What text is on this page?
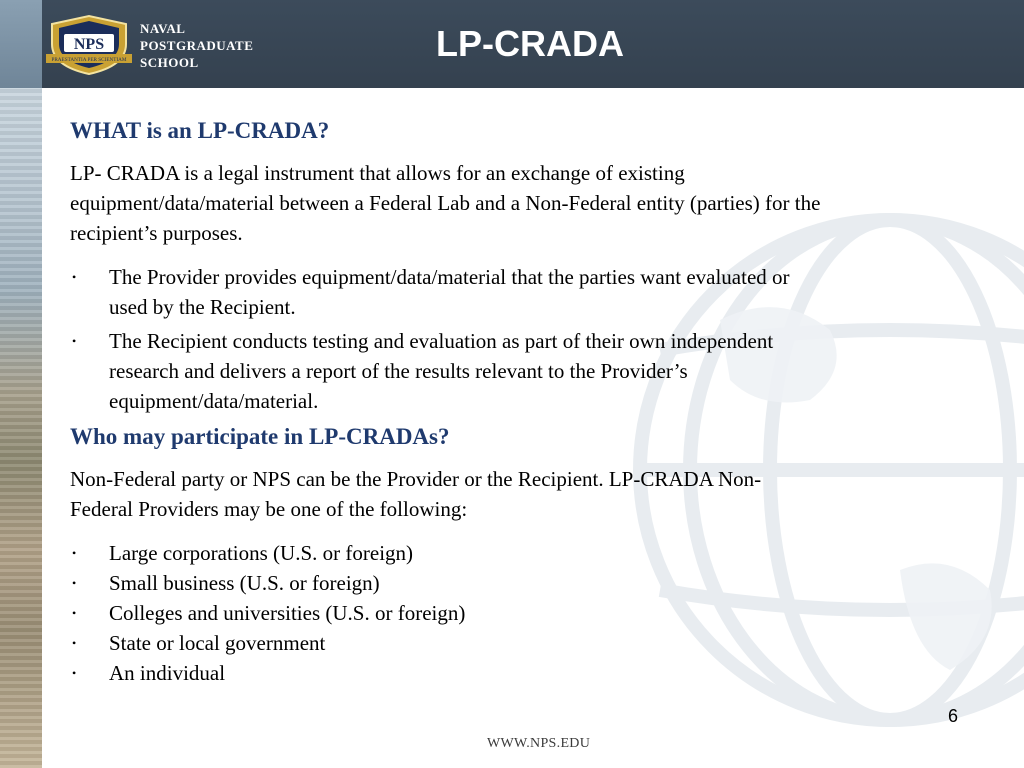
NPS
PRAESTANTIA PER SCIENTIAM
NAVAL
POSTGRADUATE
SCHOOL	LP-CRADA
WHAT is an LP-CRADA?
LP- CRADA is a legal instrument that allows for an exchange of existing
equipment/data/material between a Federal Lab and a Non-Federal entity (parties) for the
recipient’s purposes.
• The Provider provides equipment/data/material that the parties want evaluated or
used by the Recipient.
• The Recipient conducts testing and evaluation as part of their own independent
research and delivers a report of the results relevant to the Provider’s
equipment/data/material.
Who may participate in LP-CRADAs?
Non-Federal party or NPS can be the Provider or the Recipient. LP-CRADA Non-
Federal Providers may be one of the following:
• Large corporations (U.S. or foreign)
• Small business (U.S. or foreign)
• Colleges and universities (U.S. or foreign)
• State or local government
• An individual
6
WWW.NPS.EDU
